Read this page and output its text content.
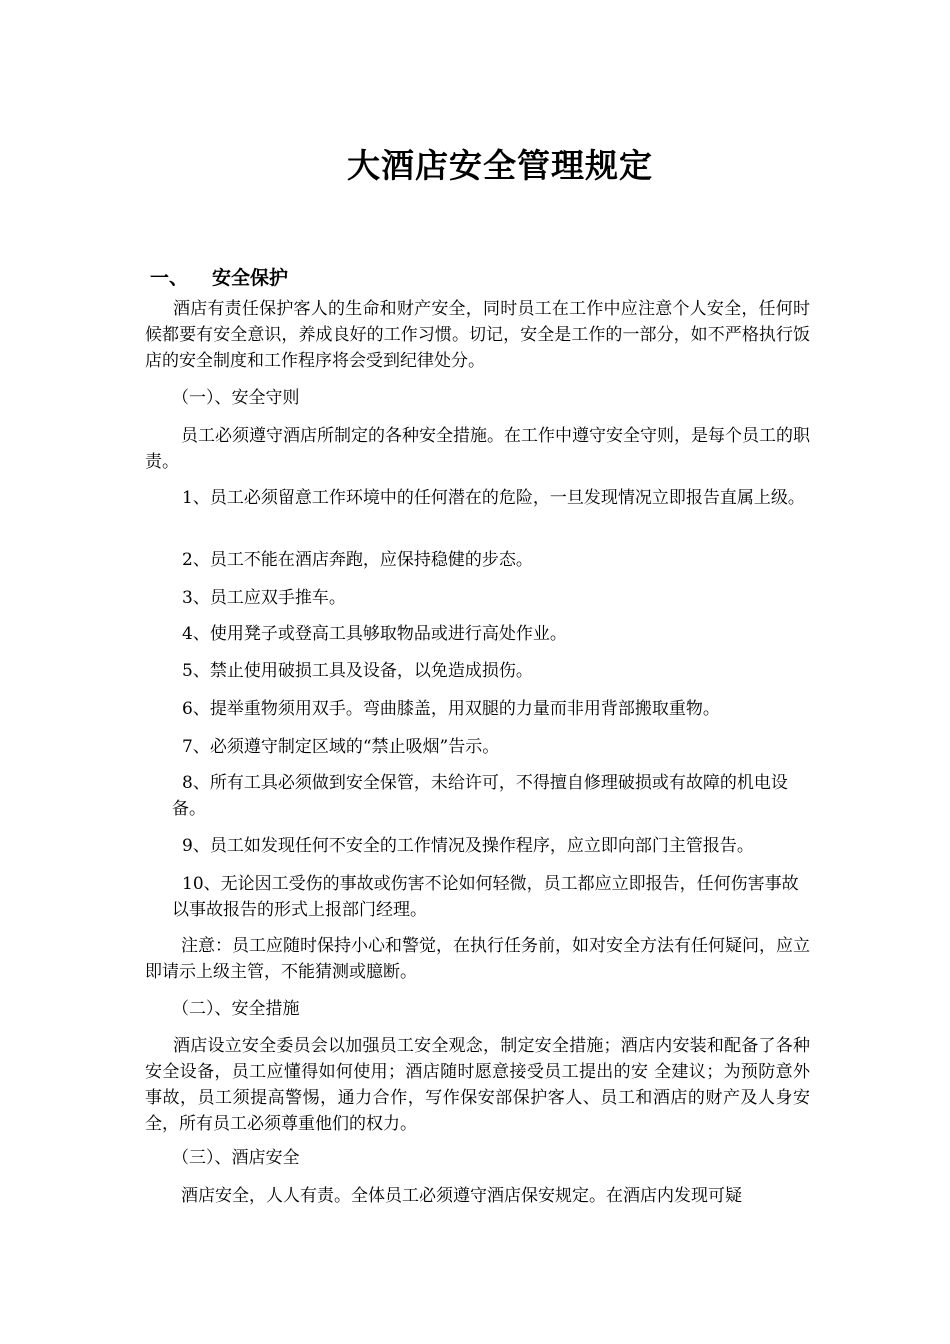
大酒店安全管理规定
一、 安全保护
酒店有责任保护客人的生命和财产安全，同时员工在工作中应注意个人安全，任何时候都要有安全意识，养成良好的工作习惯。切记，安全是工作的一部分，如不严格执行饭店的安全制度和工作程序将会受到纪律处分。
（一）、安全守则
员工必须遵守酒店所制定的各种安全措施。在工作中遵守安全守则，是每个员工的职责。
1、员工必须留意工作环境中的任何潜在的危险，一旦发现情况立即报告直属上级。
2、员工不能在酒店奔跑，应保持稳健的步态。
3、员工应双手推车。
4、使用凳子或登高工具够取物品或进行高处作业。
5、禁止使用破损工具及设备，以免造成损伤。
6、提举重物须用双手。弯曲膝盖，用双腿的力量而非用背部搬取重物。
7、必须遵守制定区域的“禁止吸烟”告示。
8、所有工具必须做到安全保管，未给许可，不得擅自修理破损或有故障的机电设备。
9、员工如发现任何不安全的工作情况及操作程序，应立即向部门主管报告。
10、无论因工受伤的事故或伤害不论如何轻微，员工都应立即报告，任何伤害事故以事故报告的形式上报部门经理。
注意：员工应随时保持小心和警觉，在执行任务前，如对安全方法有任何疑问，应立即请示上级主管，不能猜测或臆断。
（二）、安全措施
酒店设立安全委员会以加强员工安全观念，制定安全措施；酒店内安装和配备了各种安全设备，员工应懂得如何使用；酒店随时愿意接受员工提出的安 全建议；为预防意外事故，员工须提高警惕，通力合作，写作保安部保护客人、员工和酒店的财产及人身安全，所有员工必须尊重他们的权力。
（三）、酒店安全
酒店安全，人人有责。全体员工必须遵守酒店保安规定。在酒店内发现可疑
